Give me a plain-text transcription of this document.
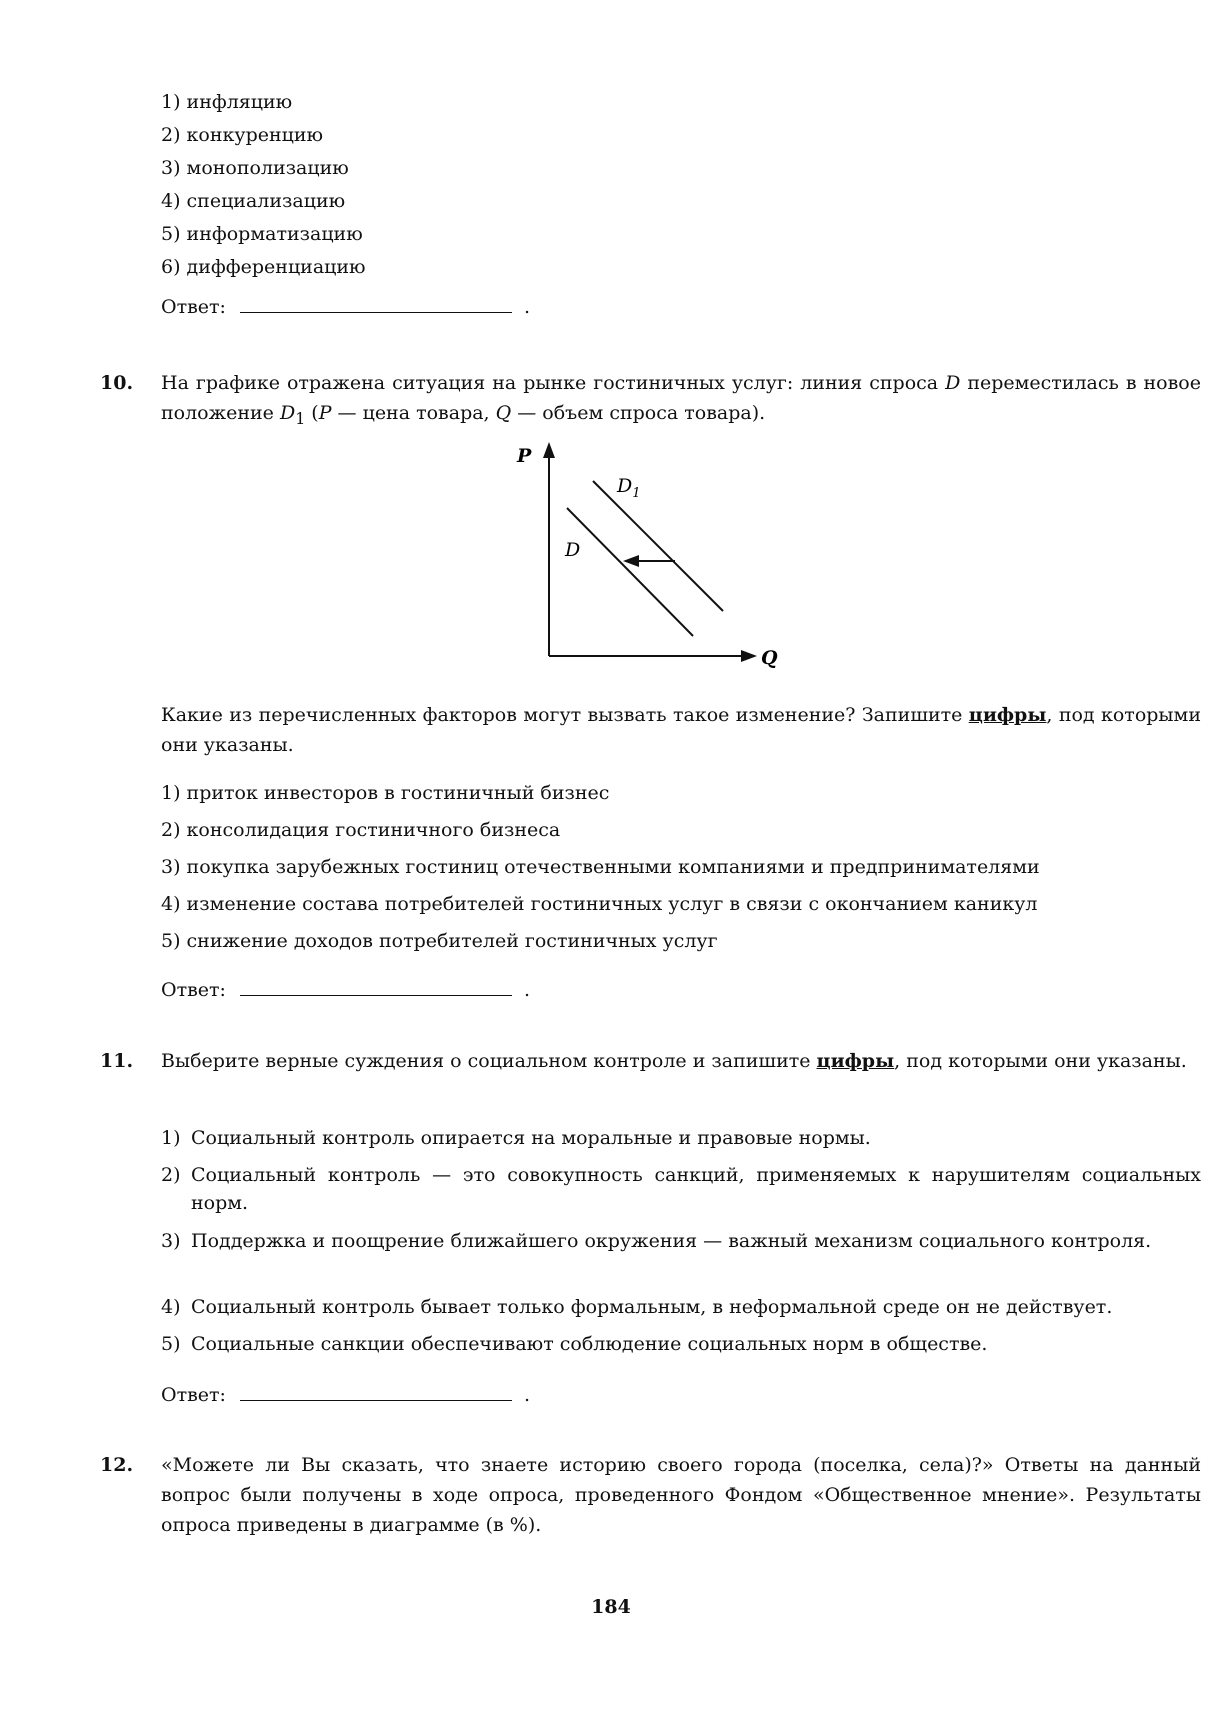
1) инфляцию
2) конкуренцию
3) монополизацию
4) специализацию
5) информатизацию
6) дифференциацию
Ответ:	.
10. На графике отражена ситуация на рынке гостиничных услуг: линия спроса D переместилась в новое положение $D_1$ (P — цена товара, Q — объем спроса товара).
P
Q
$D_1$
D
Какие из перечисленных факторов могут вызвать такое изменение? Запишите цифры, под которыми они указаны.
1) приток инвесторов в гостиничный бизнес
2) консолидация гостиничного бизнеса
3) покупка зарубежных гостиниц отечественными компаниями и предпринимателями
4) изменение состава потребителей гостиничных услуг в связи с окончанием каникул
5) снижение доходов потребителей гостиничных услуг
Ответ:	.
11. Выберите верные суждения о социальном контроле и запишите цифры, под которыми они указаны.
1) Социальный контроль опирается на моральные и правовые нормы.
2) Социальный контроль — это совокупность санкций, применяемых к нарушителям социальных норм.
3) Поддержка и поощрение ближайшего окружения — важный механизм социального контроля.
4) Социальный контроль бывает только формальным, в неформальной среде он не действует.
5) Социальные санкции обеспечивают соблюдение социальных норм в обществе.
Ответ:	.
12. «Можете ли Вы сказать, что знаете историю своего города (поселка, села)?» Ответы на данный вопрос были получены в ходе опроса, проведенного Фондом «Общественное мнение». Результаты опроса приведены в диаграмме (в %).
184
